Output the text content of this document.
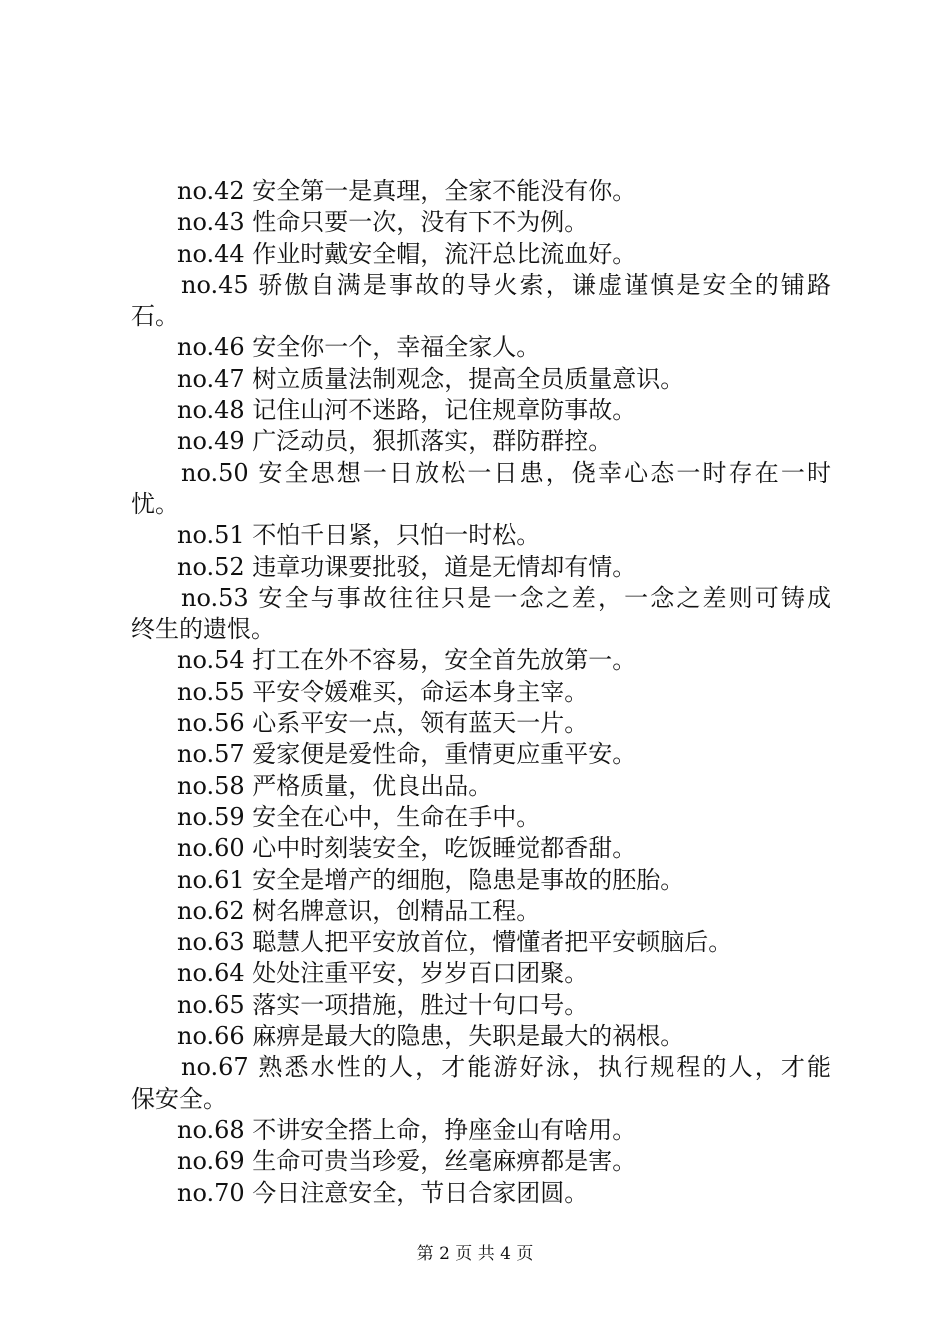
no.42 安全第一是真理，全家不能没有你。
no.43 性命只要一次，没有下不为例。
no.44 作业时戴安全帽，流汗总比流血好。
no.45 骄傲自满是事故的导火索，谦虚谨慎是安全的铺路
石。
no.46 安全你一个，幸福全家人。
no.47 树立质量法制观念，提高全员质量意识。
no.48 记住山河不迷路，记住规章防事故。
no.49 广泛动员，狠抓落实，群防群控。
no.50 安全思想一日放松一日患，侥幸心态一时存在一时
忧。
no.51 不怕千日紧，只怕一时松。
no.52 违章功课要批驳，道是无情却有情。
no.53 安全与事故往往只是一念之差，一念之差则可铸成
终生的遗恨。
no.54 打工在外不容易，安全首先放第一。
no.55 平安令媛难买，命运本身主宰。
no.56 心系平安一点，领有蓝天一片。
no.57 爱家便是爱性命，重情更应重平安。
no.58 严格质量，优良出品。
no.59 安全在心中，生命在手中。
no.60 心中时刻装安全，吃饭睡觉都香甜。
no.61 安全是增产的细胞，隐患是事故的胚胎。
no.62 树名牌意识，创精品工程。
no.63 聪慧人把平安放首位，懵懂者把平安顿脑后。
no.64 处处注重平安，岁岁百口团聚。
no.65 落实一项措施，胜过十句口号。
no.66 麻痹是最大的隐患，失职是最大的祸根。
no.67 熟悉水性的人，才能游好泳，执行规程的人，才能
保安全。
no.68 不讲安全搭上命，挣座金山有啥用。
no.69 生命可贵当珍爱，丝毫麻痹都是害。
no.70 今日注意安全，节日合家团圆。
第 2 页 共 4 页
